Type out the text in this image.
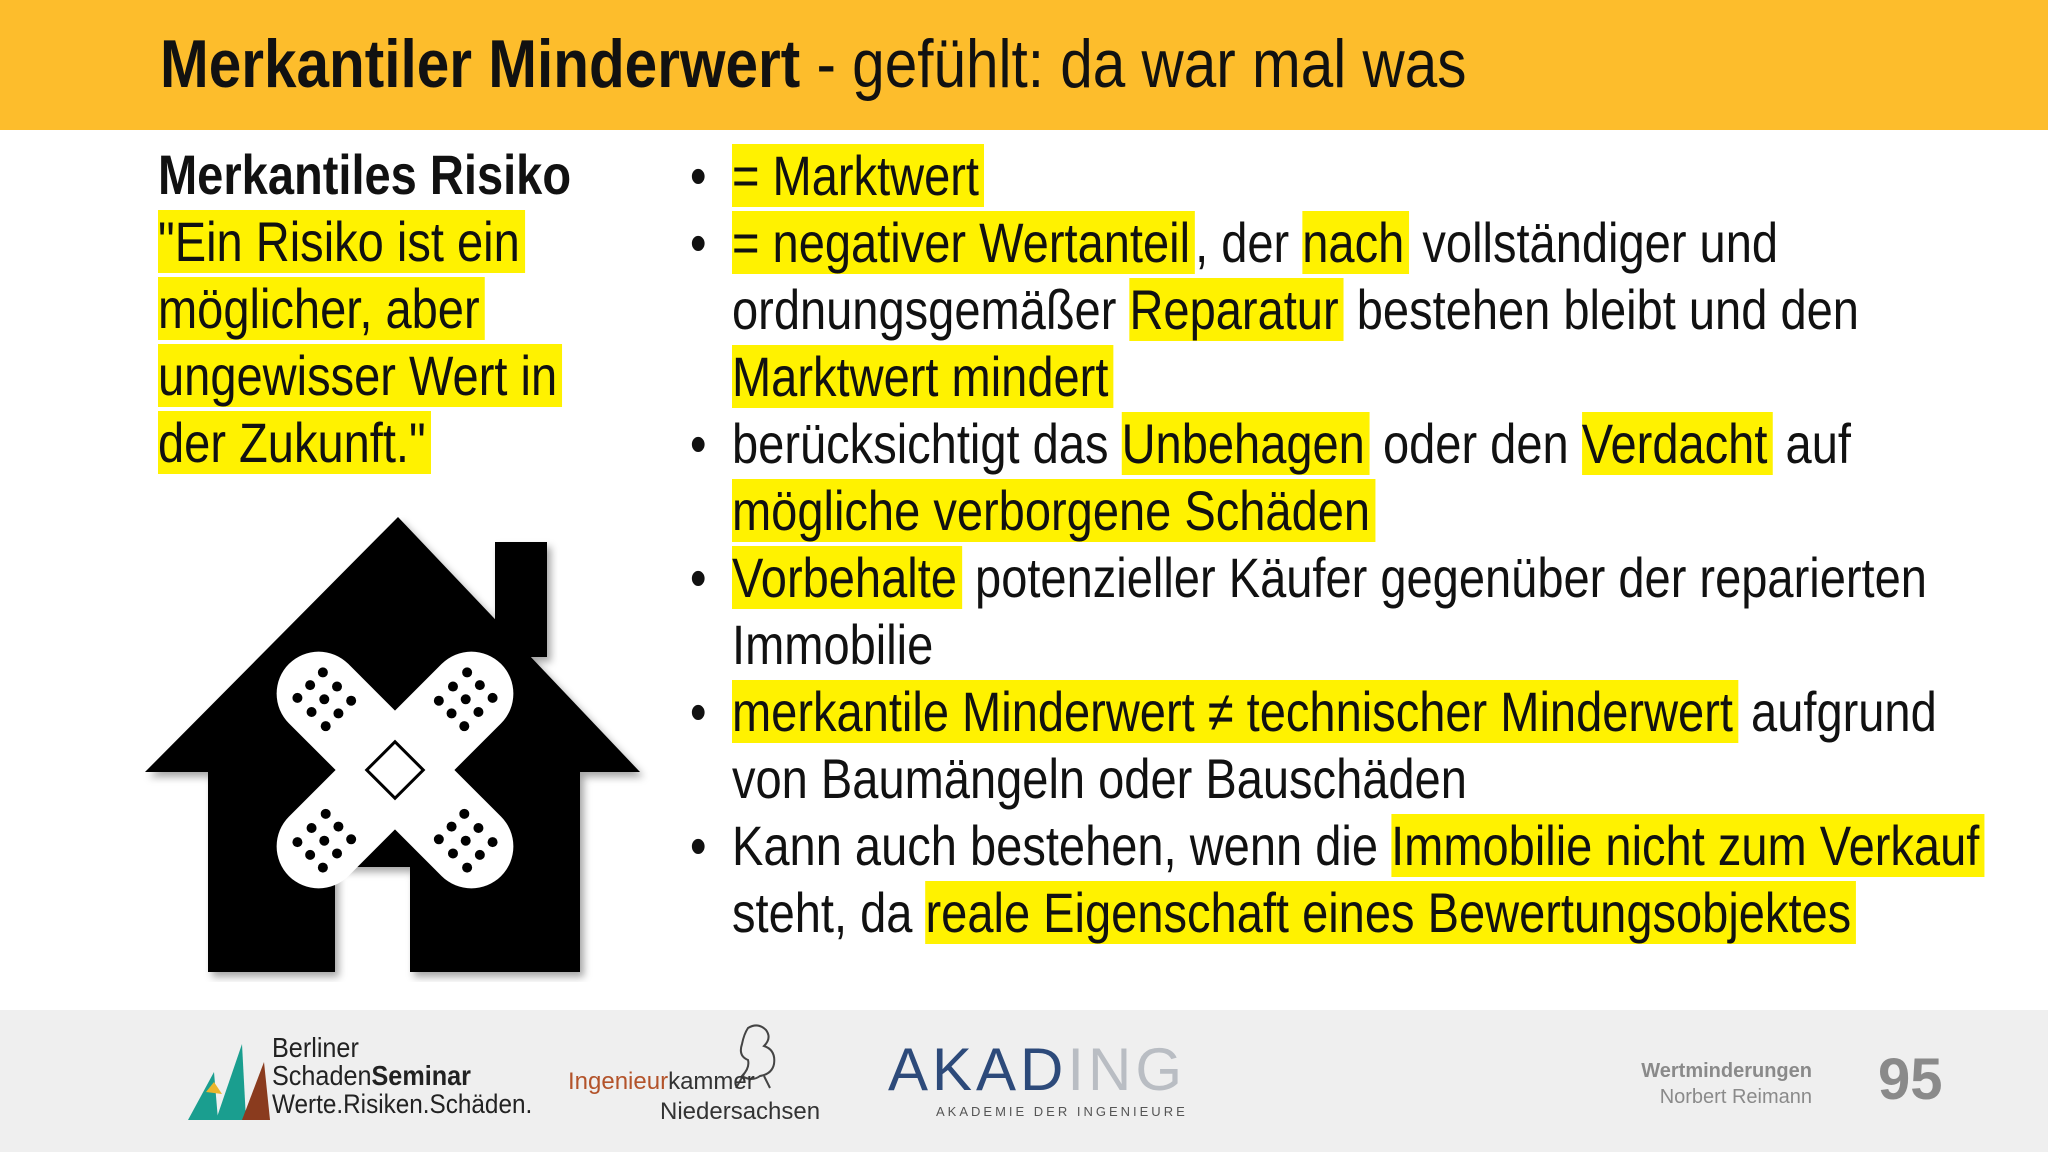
Merkantiler Minderwert - gefühlt: da war mal was

Merkantiles Risiko

"Ein Risiko ist ein möglicher, aber ungewisser Wert in der Zukunft."

• = Marktwert
• = negativer Wertanteil, der nach vollständiger und ordnungsgemäßer Reparatur bestehen bleibt und den Marktwert mindert
• berücksichtigt das Unbehagen oder den Verdacht auf mögliche verborgene Schäden
• Vorbehalte potenzieller Käufer gegenüber der reparierten Immobilie
• merkantile Minderwert ≠ technischer Minderwert aufgrund von Baumängeln oder Bauschäden
• Kann auch bestehen, wenn die Immobilie nicht zum Verkauf steht, da reale Eigenschaft eines Bewertungsobjektes
Berliner
SchadenSeminar
Werte.Risiken.Schäden.
Ingenieurkammer
Niedersachsen
AKADING
AKADEMIE DER INGENIEURE
Wertminderungen
Norbert Reimann 95
